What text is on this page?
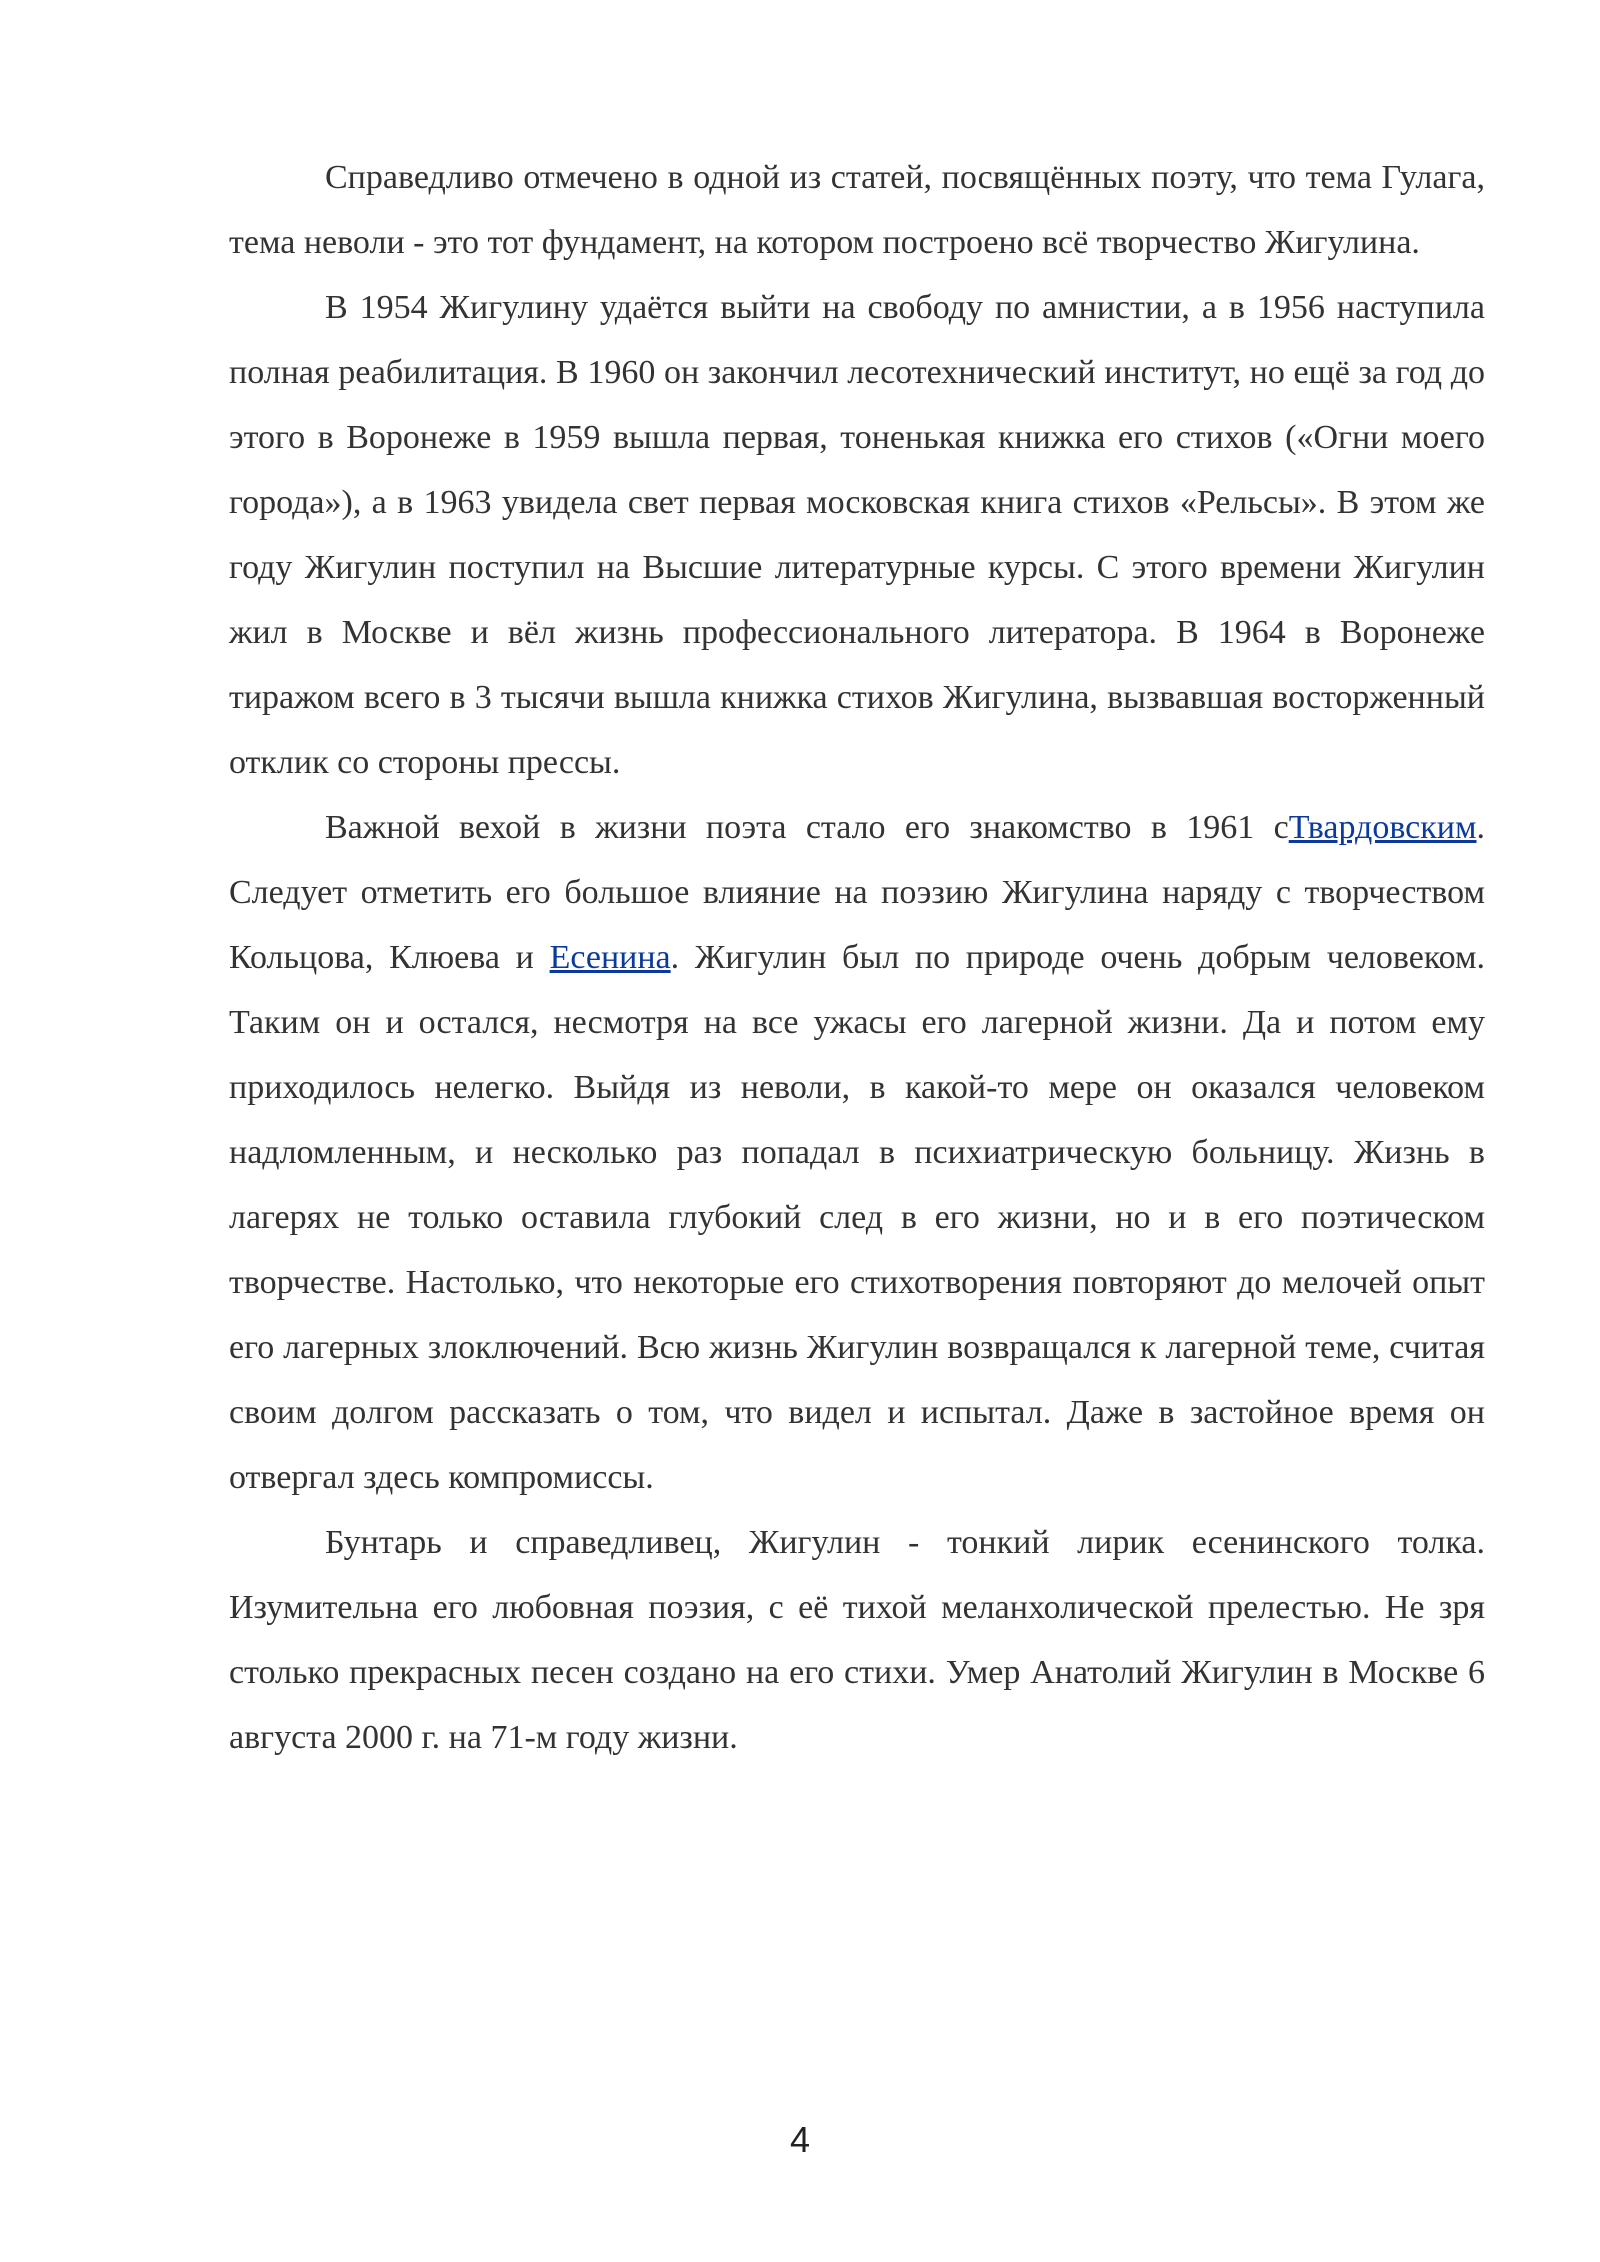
Справедливо отмечено в одной из статей, посвящённых поэту, что тема Гулага, тема неволи - это тот фундамент, на котором построено всё творчество Жигулина.

В 1954 Жигулину удаётся выйти на свободу по амнистии, а в 1956 наступила полная реабилитация. В 1960 он закончил лесотехнический институт, но ещё за год до этого в Воронеже в 1959 вышла первая, тоненькая книжка его стихов («Огни моего города»), а в 1963 увидела свет первая московская книга стихов «Рельсы». В этом же году Жигулин поступил на Высшие литературные курсы. С этого времени Жигулин жил в Москве и вёл жизнь профессионального литератора. В 1964 в Воронеже тиражом всего в 3 тысячи вышла книжка стихов Жигулина, вызвавшая восторженный отклик со стороны прессы.

Важной вехой в жизни поэта стало его знакомство в 1961 сТвардовским. Следует отметить его большое влияние на поэзию Жигулина наряду с творчеством Кольцова, Клюева и Есенина. Жигулин был по природе очень добрым человеком. Таким он и остался, несмотря на все ужасы его лагерной жизни. Да и потом ему приходилось нелегко. Выйдя из неволи, в какой-то мере он оказался человеком надломленным, и несколько раз попадал в психиатрическую больницу. Жизнь в лагерях не только оставила глубокий след в его жизни, но и в его поэтическом творчестве. Настолько, что некоторые его стихотворения повторяют до мелочей опыт его лагерных злоключений. Всю жизнь Жигулин возвращался к лагерной теме, считая своим долгом рассказать о том, что видел и испытал. Даже в застойное время он отвергал здесь компромиссы.

Бунтарь и справедливец, Жигулин - тонкий лирик есенинского толка. Изумительна его любовная поэзия, с её тихой меланхолической прелестью. Не зря столько прекрасных песен создано на его стихи. Умер Анатолий Жигулин в Москве 6 августа 2000 г. на 71-м году жизни.

4
